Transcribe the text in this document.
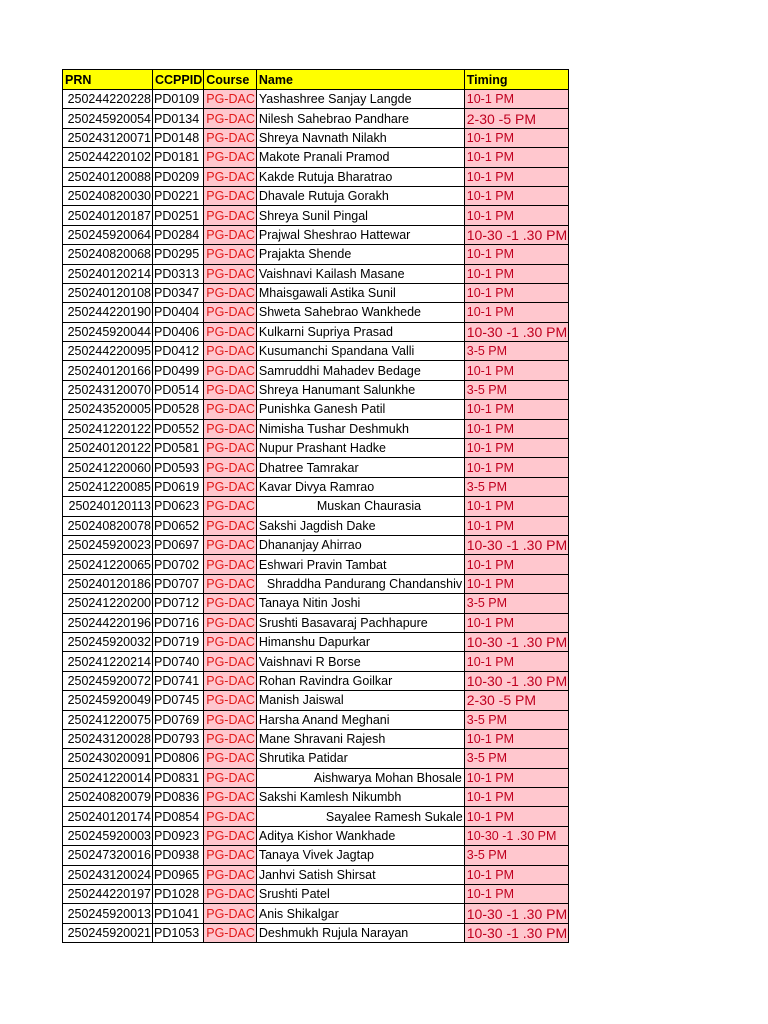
PRN	CCPPID	Course	Name	Timing
250244220228	PD0109	PG-DAC	Yashashree Sanjay Langde	10-1 PM
250245920054	PD0134	PG-DAC	Nilesh Sahebrao Pandhare	2-30 -5 PM
250243120071	PD0148	PG-DAC	Shreya Navnath Nilakh	10-1 PM
250244220102	PD0181	PG-DAC	Makote Pranali Pramod	10-1 PM
250240120088	PD0209	PG-DAC	Kakde Rutuja Bharatrao	10-1 PM
250240820030	PD0221	PG-DAC	Dhavale Rutuja Gorakh	10-1 PM
250240120187	PD0251	PG-DAC	Shreya Sunil Pingal	10-1 PM
250245920064	PD0284	PG-DAC	Prajwal Sheshrao Hattewar	10-30 -1 .30 PM
250240820068	PD0295	PG-DAC	Prajakta Shende	10-1 PM
250240120214	PD0313	PG-DAC	Vaishnavi Kailash Masane	10-1 PM
250240120108	PD0347	PG-DAC	Mhaisgawali Astika Sunil	10-1 PM
250244220190	PD0404	PG-DAC	Shweta Sahebrao Wankhede	10-1 PM
250245920044	PD0406	PG-DAC	Kulkarni Supriya Prasad	10-30 -1 .30 PM
250244220095	PD0412	PG-DAC	Kusumanchi Spandana Valli	3-5 PM
250240120166	PD0499	PG-DAC	Samruddhi Mahadev Bedage	10-1 PM
250243120070	PD0514	PG-DAC	Shreya Hanumant Salunkhe	3-5 PM
250243520005	PD0528	PG-DAC	Punishka Ganesh Patil	10-1 PM
250241220122	PD0552	PG-DAC	Nimisha Tushar Deshmukh	10-1 PM
250240120122	PD0581	PG-DAC	Nupur Prashant Hadke	10-1 PM
250241220060	PD0593	PG-DAC	Dhatree Tamrakar	10-1 PM
250241220085	PD0619	PG-DAC	Kavar Divya Ramrao	3-5 PM
250240120113	PD0623	PG-DAC	Muskan Chaurasia	10-1 PM
250240820078	PD0652	PG-DAC	Sakshi Jagdish Dake	10-1 PM
250245920023	PD0697	PG-DAC	Dhananjay Ahirrao	10-30 -1 .30 PM
250241220065	PD0702	PG-DAC	Eshwari Pravin Tambat	10-1 PM
250240120186	PD0707	PG-DAC	Shraddha Pandurang Chandanshiv	10-1 PM
250241220200	PD0712	PG-DAC	Tanaya Nitin Joshi	3-5 PM
250244220196	PD0716	PG-DAC	Srushti Basavaraj Pachhapure	10-1 PM
250245920032	PD0719	PG-DAC	Himanshu Dapurkar	10-30 -1 .30 PM
250241220214	PD0740	PG-DAC	Vaishnavi R Borse	10-1 PM
250245920072	PD0741	PG-DAC	Rohan Ravindra Goilkar	10-30 -1 .30 PM
250245920049	PD0745	PG-DAC	Manish Jaiswal	2-30 -5 PM
250241220075	PD0769	PG-DAC	Harsha Anand Meghani	3-5 PM
250243120028	PD0793	PG-DAC	Mane Shravani Rajesh	10-1 PM
250243020091	PD0806	PG-DAC	Shrutika Patidar	3-5 PM
250241220014	PD0831	PG-DAC	Aishwarya Mohan Bhosale	10-1 PM
250240820079	PD0836	PG-DAC	Sakshi Kamlesh Nikumbh	10-1 PM
250240120174	PD0854	PG-DAC	Sayalee Ramesh Sukale	10-1 PM
250245920003	PD0923	PG-DAC	Aditya Kishor Wankhade	10-30 -1 .30 PM
250247320016	PD0938	PG-DAC	Tanaya Vivek Jagtap	3-5 PM
250243120024	PD0965	PG-DAC	Janhvi Satish Shirsat	10-1 PM
250244220197	PD1028	PG-DAC	Srushti Patel	10-1 PM
250245920013	PD1041	PG-DAC	Anis Shikalgar	10-30 -1 .30 PM
250245920021	PD1053	PG-DAC	Deshmukh Rujula Narayan	10-30 -1 .30 PM
